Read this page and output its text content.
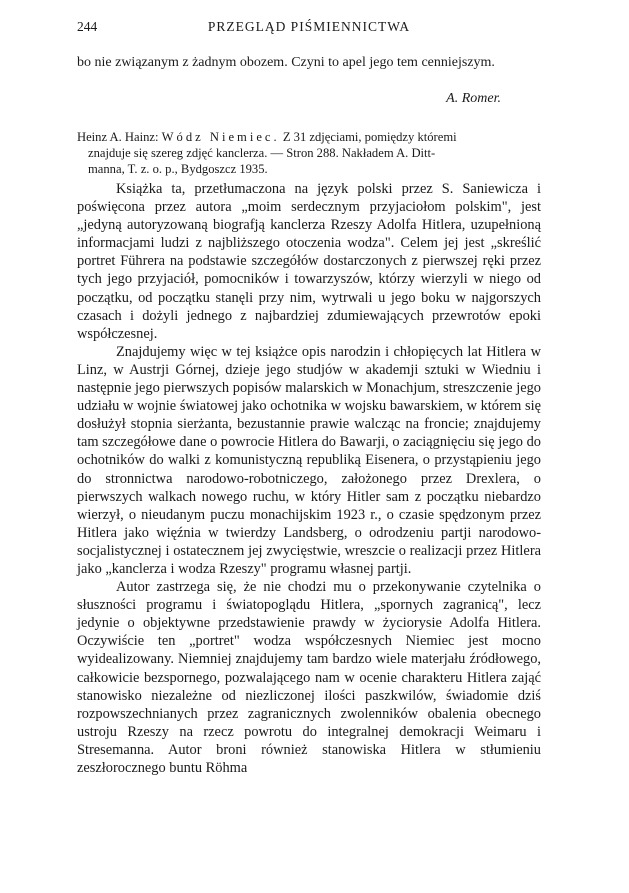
244	PRZEGLĄD PIŚMIENNICTWA

bo nie związanym z żadnym obozem. Czyni to apel jego tem cenniejszym.

A. Romer.
Heinz A. Hainz: Wódz Niemiec. Z 31 zdjęciami, pomiędzy któremi
znajduje się szereg zdjęć kanclerza. — Stron 288. Nakładem A. Ditt-
manna, T. z. o. p., Bydgoszcz 1935.

Książka ta, przetłumaczona na język polski przez S. Saniewicza i poświęcona przez autora „moim serdecznym przyjaciołom polskim", jest „jedyną autoryzowaną biografją kanclerza Rzeszy Adolfa Hitlera, uzupełnioną informacjami ludzi z najbliższego otoczenia wodza". Celem jej jest „skreślić portret Führera na podstawie szczegółów dostarczonych z pierwszej ręki przez tych jego przyjaciół, pomocników i towarzyszów, którzy wierzyli w niego od początku, od początku stanęli przy nim, wytrwali u jego boku w najgorszych czasach i dożyli jednego z najbardziej zdumiewających przewrotów epoki współczesnej.

Znajdujemy więc w tej książce opis narodzin i chłopięcych lat Hitlera w Linz, w Austrji Górnej, dzieje jego studjów w akademji sztuki w Wiedniu i następnie jego pierwszych popisów malarskich w Monachjum, streszczenie jego udziału w wojnie światowej jako ochotnika w wojsku bawarskiem, w którem się dosłużył stopnia sierżanta, bezustannie prawie walcząc na froncie; znajdujemy tam szczegółowe dane o powrocie Hitlera do Bawarji, o zaciągnięciu się jego do ochotników do walki z komunistyczną republiką Eisenera, o przystąpieniu jego do stronnictwa narodowo-robotniczego, założonego przez Drexlera, o pierwszych walkach nowego ruchu, w który Hitler sam z początku niebardzo wierzył, o nieudanym puczu monachijskim 1923 r., o czasie spędzonym przez Hitlera jako więźnia w twierdzy Landsberg, o odrodzeniu partji narodowo-socjalistycznej i ostatecznem jej zwycięstwie, wreszcie o realizacji przez Hitlera jako „kanclerza i wodza Rzeszy" programu własnej partji.

Autor zastrzega się, że nie chodzi mu o przekonywanie czytelnika o słuszności programu i światopoglądu Hitlera, „spornych zagranicą", lecz jedynie o objektywne przedstawienie prawdy w życiorysie Adolfa Hitlera. Oczywiście ten „portret" wodza współczesnych Niemiec jest mocno wyidealizowany. Niemniej znajdujemy tam bardzo wiele materjału źródłowego, całkowicie bezspornego, pozwalającego nam w ocenie charakteru Hitlera zająć stanowisko niezależne od niezliczonej ilości paszkwilów, świadomie dziś rozpowszechnianych przez zagranicznych zwolenników obalenia obecnego ustroju Rzeszy na rzecz powrotu do integralnej demokracji Weimaru i Stresemanna. Autor broni również stanowiska Hitlera w stłumieniu zeszłorocznego buntu Röhma
